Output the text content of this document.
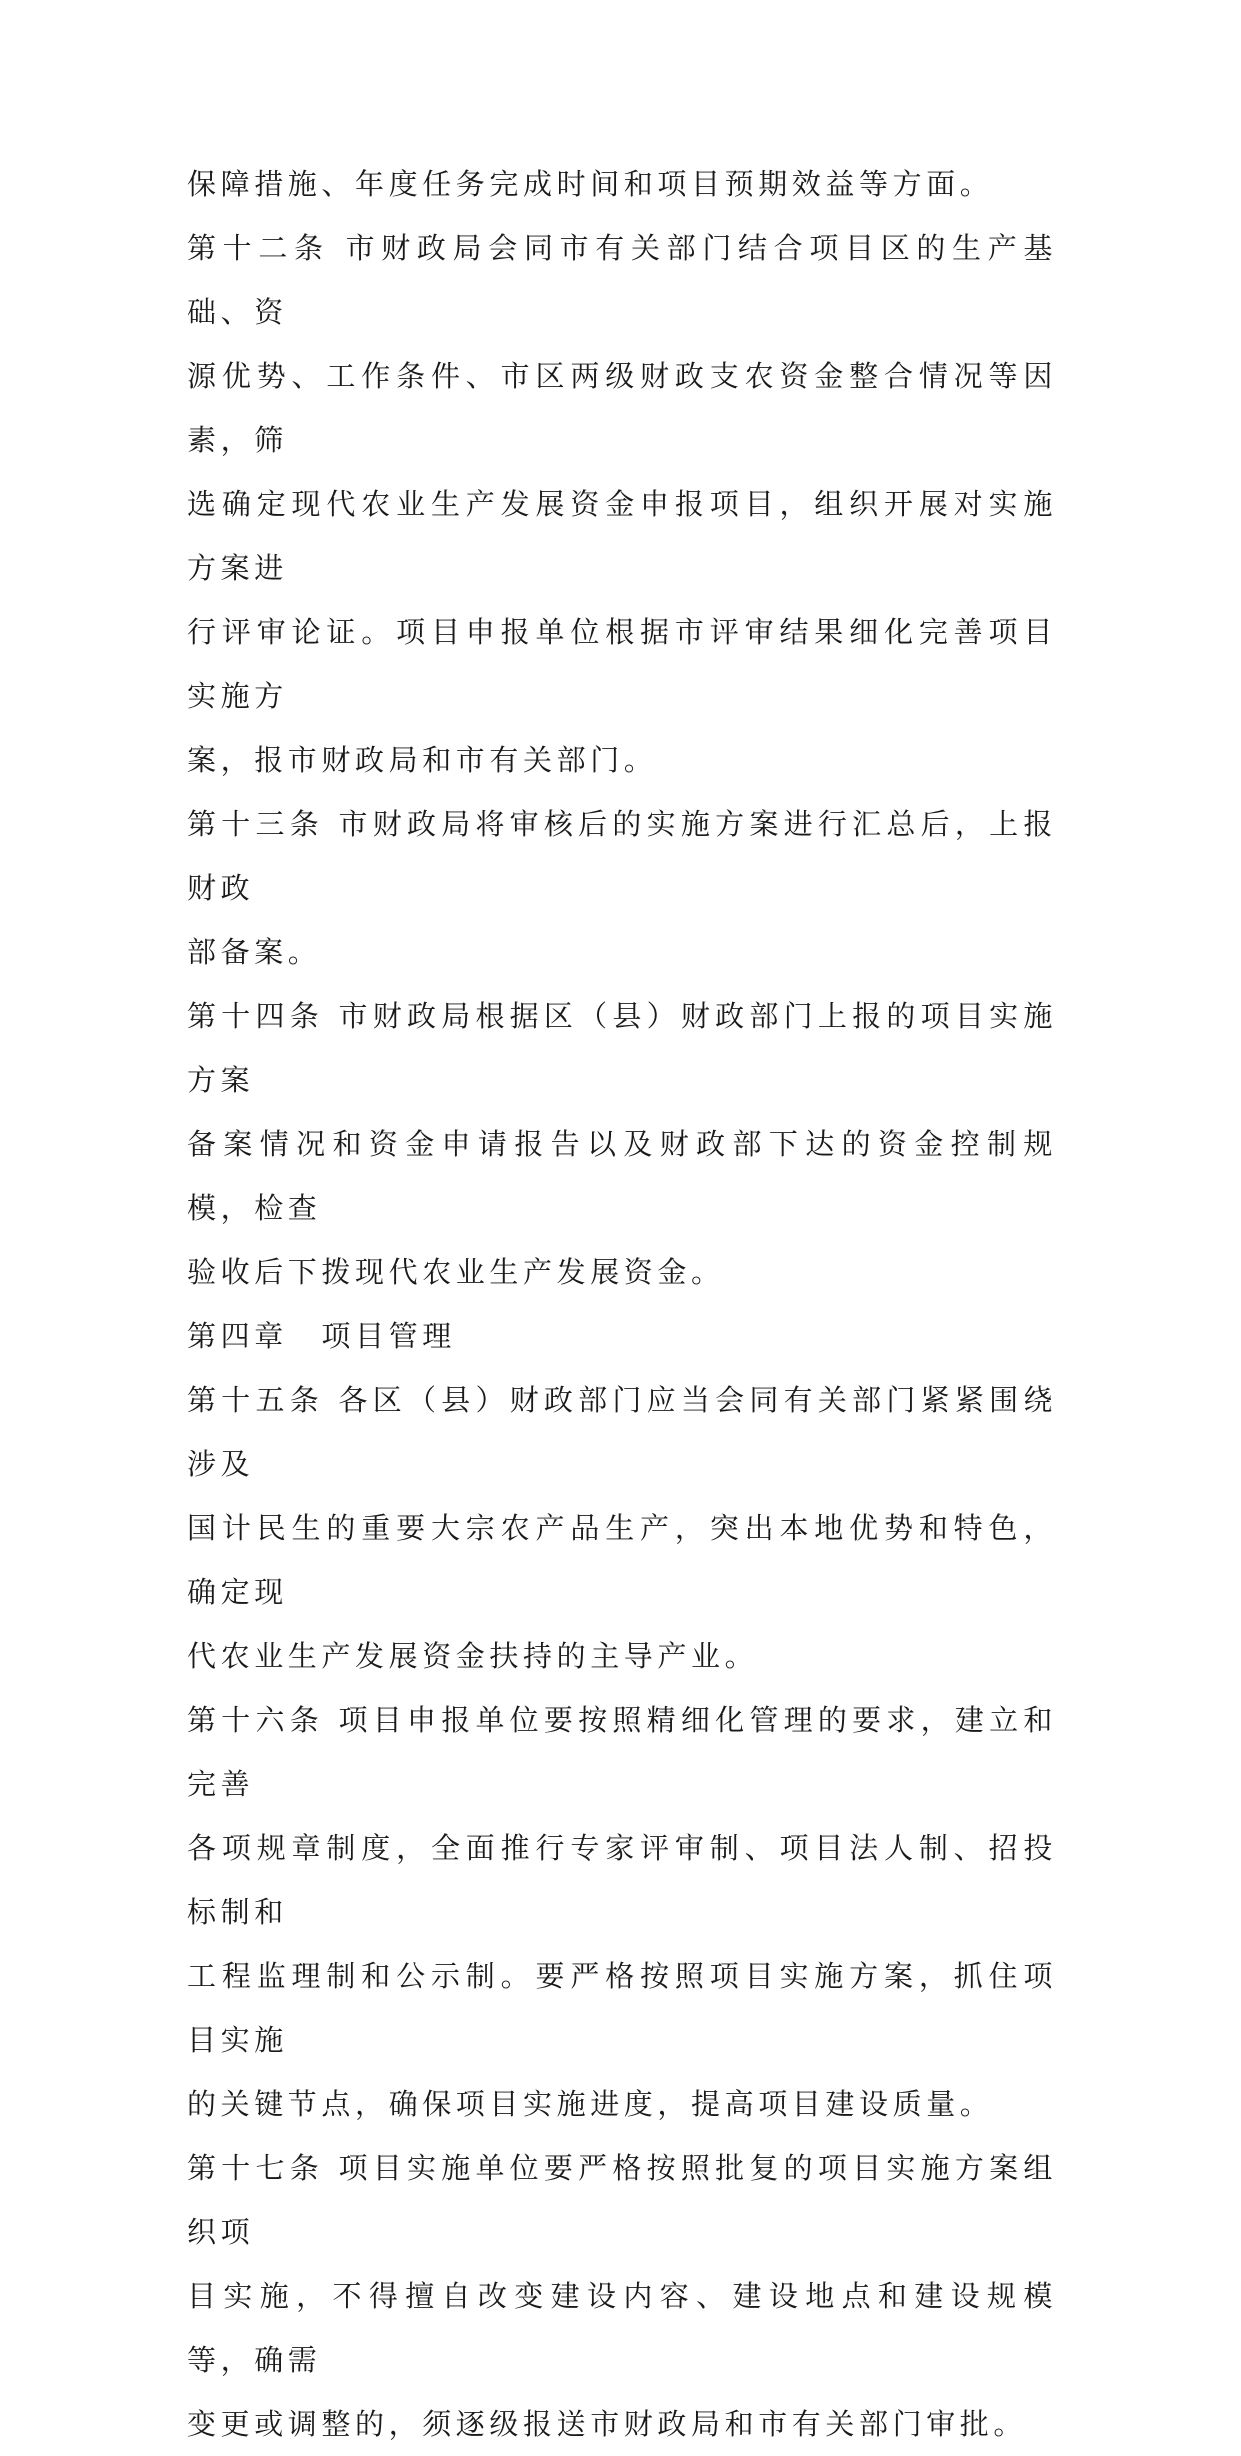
保障措施、年度任务完成时间和项目预期效益等方面。

第十二条 市财政局会同市有关部门结合项目区的生产基础、资
源优势、工作条件、市区两级财政支农资金整合情况等因素，筛
选确定现代农业生产发展资金申报项目，组织开展对实施方案进
行评审论证。项目申报单位根据市评审结果细化完善项目实施方
案，报市财政局和市有关部门。

第十三条 市财政局将审核后的实施方案进行汇总后，上报财政
部备案。

第十四条 市财政局根据区（县）财政部门上报的项目实施方案
备案情况和资金申请报告以及财政部下达的资金控制规模，检查
验收后下拨现代农业生产发展资金。

第四章　项目管理

第十五条 各区（县）财政部门应当会同有关部门紧紧围绕涉及
国计民生的重要大宗农产品生产，突出本地优势和特色，确定现
代农业生产发展资金扶持的主导产业。

第十六条 项目申报单位要按照精细化管理的要求，建立和完善
各项规章制度，全面推行专家评审制、项目法人制、招投标制和
工程监理制和公示制。要严格按照项目实施方案，抓住项目实施
的关键节点，确保项目实施进度，提高项目建设质量。

第十七条 项目实施单位要严格按照批复的项目实施方案组织项
目实施，不得擅自改变建设内容、建设地点和建设规模等，确需
变更或调整的，须逐级报送市财政局和市有关部门审批。
